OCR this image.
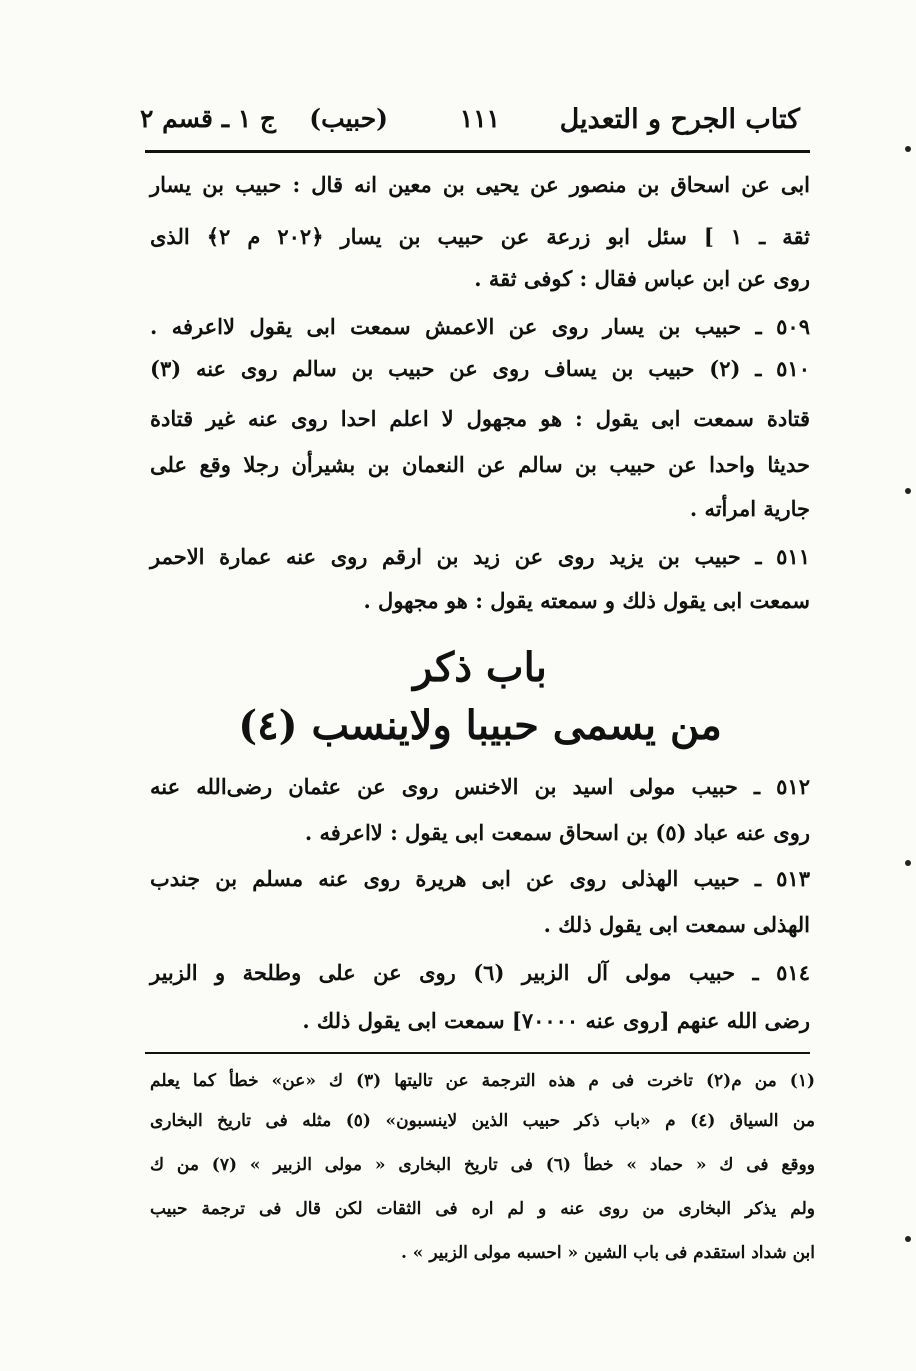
كتاب الجرح و التعديل
١١١
(حبيب)
ج ١ ـ قسم ٢
ابى عن اسحاق بن منصور عن يحيى بن معين انه قال : حبيب بن يسار
ثقة ـ ١ ] سئل ابو زرعة عن حبيب بن يسار ﴿٢٠٢ م ٢﴾ الذى
روى عن ابن عباس فقال : كوفى ثقة .
٥٠٩ ـ حبيب بن يسار روى عن الاعمش سمعت ابى يقول لااعرفه .
٥١٠ ـ (٢) حبيب بن يساف روى عن حبيب بن سالم روى عنه (٣)
قتادة سمعت ابى يقول : هو مجهول لا اعلم احدا روى عنه غير قتادة
حديثا واحدا عن حبيب بن سالم عن النعمان بن بشيرأن رجلا وقع على
جارية امرأته .
٥١١ ـ حبيب بن يزيد روى عن زيد بن ارقم روى عنه عمارة الاحمر
سمعت ابى يقول ذلك و سمعته يقول : هو مجهول .
باب ذكر
من يسمى حبيبا ولاينسب (٤)
٥١٢ ـ حبيب مولى اسيد بن الاخنس روى عن عثمان رضى‌الله عنه
روى عنه عباد (٥) بن اسحاق سمعت ابى يقول : لااعرفه .
٥١٣ ـ حبيب الهذلى روى عن ابى هريرة روى عنه مسلم بن جندب
الهذلى سمعت ابى يقول ذلك .
٥١٤ ـ حبيب مولى آل الزبير (٦) روى عن على وطلحة و الزبير
رضى الله عنهم [روى عنه ٧٠٠٠٠] سمعت ابى يقول ذلك .
(١) من م(٢) تاخرت فى م هذه الترجمة عن تاليتها (٣) ك «عن» خطأ كما يعلم
من السياق (٤) م «باب ذكر حبيب الذين لاينسبون» (٥) مثله فى تاريخ البخارى
ووقع فى ك « حماد » خطأ (٦) فى تاريخ البخارى « مولى الزبير » (٧) من ك
ولم يذكر البخارى من روى عنه و لم اره فى الثقات لكن قال فى ترجمة حبيب
ابن شداد استقدم فى باب الشين « احسبه مولى الزبير » .
